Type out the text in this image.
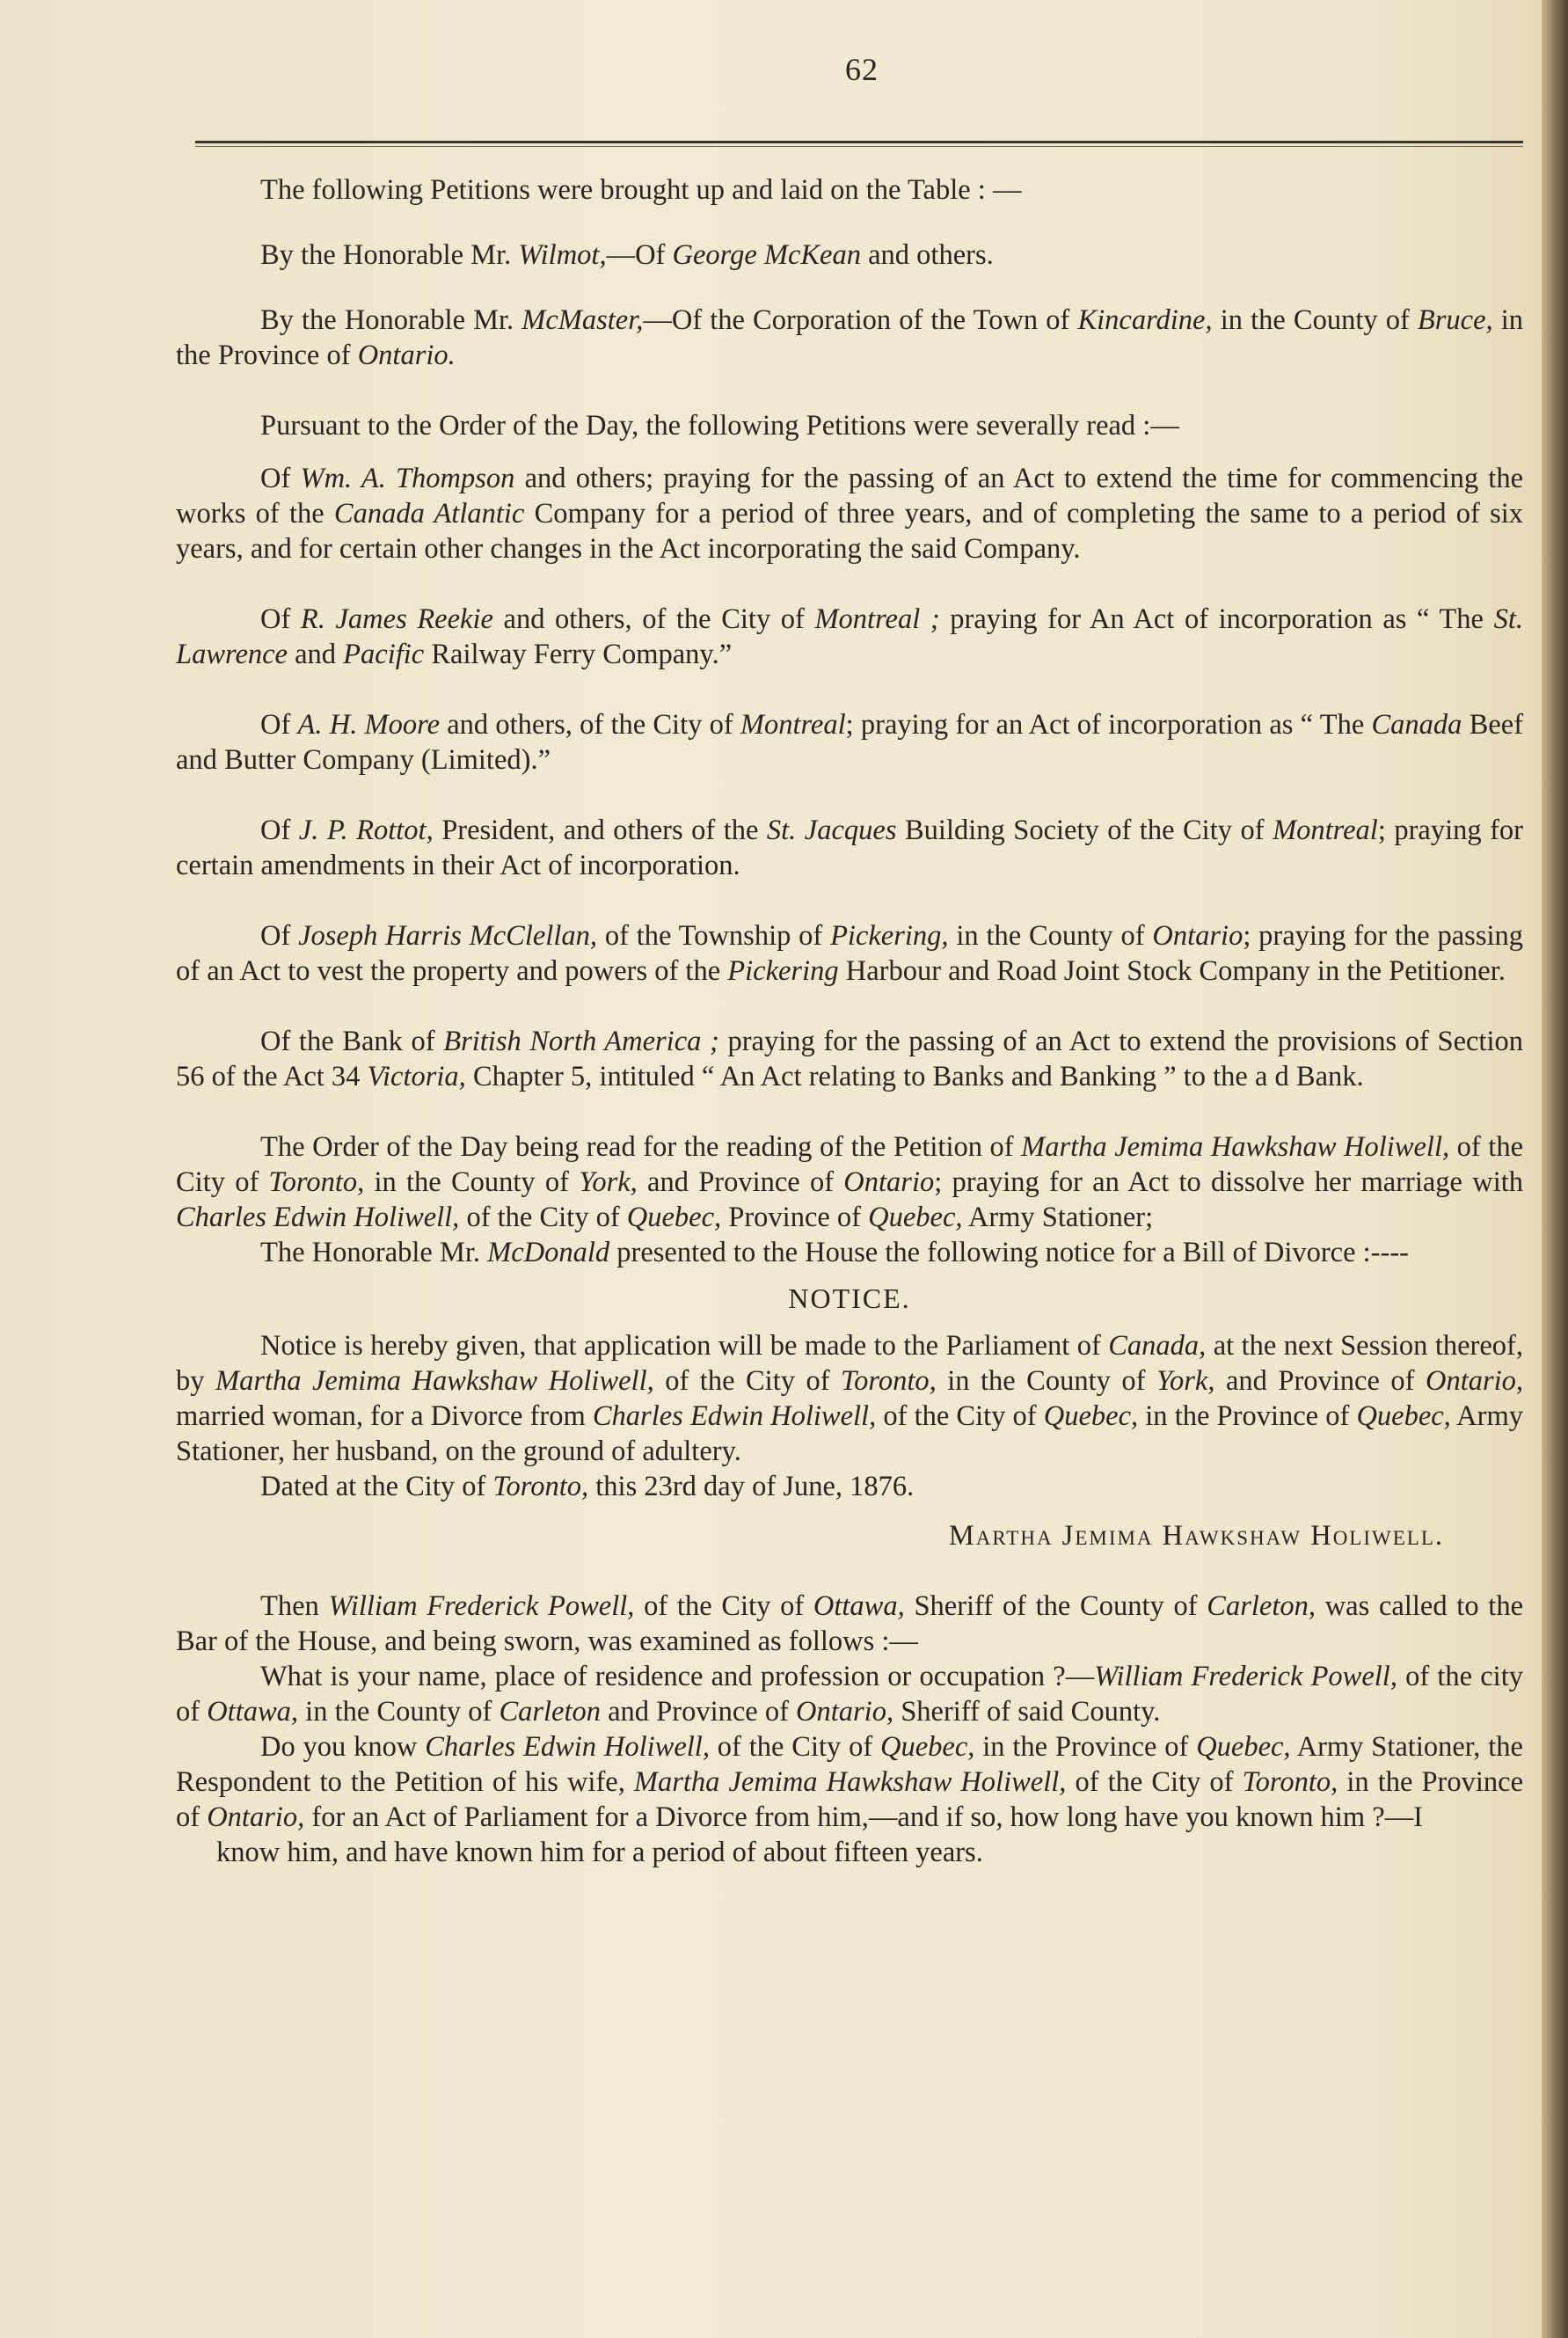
62

The following Petitions were brought up and laid on the Table : —

By the Honorable Mr. Wilmot,—Of George McKean and others.

By the Honorable Mr. McMaster,—Of the Corporation of the Town of Kincardine, in the County of Bruce, in the Province of Ontario.

Pursuant to the Order of the Day, the following Petitions were severally read :—

Of Wm. A. Thompson and others; praying for the passing of an Act to extend the time for commencing the works of the Canada Atlantic Company for a period of three years, and of completing the same to a period of six years, and for certain other changes in the Act incorporating the said Company.

Of R. James Reekie and others, of the City of Montreal ; praying for An Act of incorporation as “ The St. Lawrence and Pacific Railway Ferry Company.”

Of A. H. Moore and others, of the City of Montreal; praying for an Act of incorporation as “ The Canada Beef and Butter Company (Limited).”

Of J. P. Rottot, President, and others of the St. Jacques Building Society of the City of Montreal; praying for certain amendments in their Act of incorporation.

Of Joseph Harris McClellan, of the Township of Pickering, in the County of Ontario; praying for the passing of an Act to vest the property and powers of the Pickering Harbour and Road Joint Stock Company in the Petitioner.

Of the Bank of British North America ; praying for the passing of an Act to extend the provisions of Section 56 of the Act 34 Victoria, Chapter 5, intituled “ An Act relating to Banks and Banking ” to the a d Bank.

The Order of the Day being read for the reading of the Petition of Martha Jemima Hawkshaw Holiwell, of the City of Toronto, in the County of York, and Province of Ontario; praying for an Act to dissolve her marriage with Charles Edwin Holiwell, of the City of Quebec, Province of Quebec, Army Stationer;

The Honorable Mr. McDonald presented to the House the following notice for a Bill of Divorce :----

NOTICE.

Notice is hereby given, that application will be made to the Parliament of Canada, at the next Session thereof, by Martha Jemima Hawkshaw Holiwell, of the City of Toronto, in the County of York, and Province of Ontario, married woman, for a Divorce from Charles Edwin Holiwell, of the City of Quebec, in the Province of Quebec, Army Stationer, her husband, on the ground of adultery.

Dated at the City of Toronto, this 23rd day of June, 1876.

Martha Jemima Hawkshaw Holiwell.

Then William Frederick Powell, of the City of Ottawa, Sheriff of the County of Carleton, was called to the Bar of the House, and being sworn, was examined as follows :—

What is your name, place of residence and profession or occupation ?—William Frederick Powell, of the city of Ottawa, in the County of Carleton and Province of Ontario, Sheriff of said County.

Do you know Charles Edwin Holiwell, of the City of Quebec, in the Province of Quebec, Army Stationer, the Respondent to the Petition of his wife, Martha Jemima Hawkshaw Holiwell, of the City of Toronto, in the Province of Ontario, for an Act of Parliament for a Divorce from him,—and if so, how long have you known him ?—I

know him, and have known him for a period of about fifteen years.
